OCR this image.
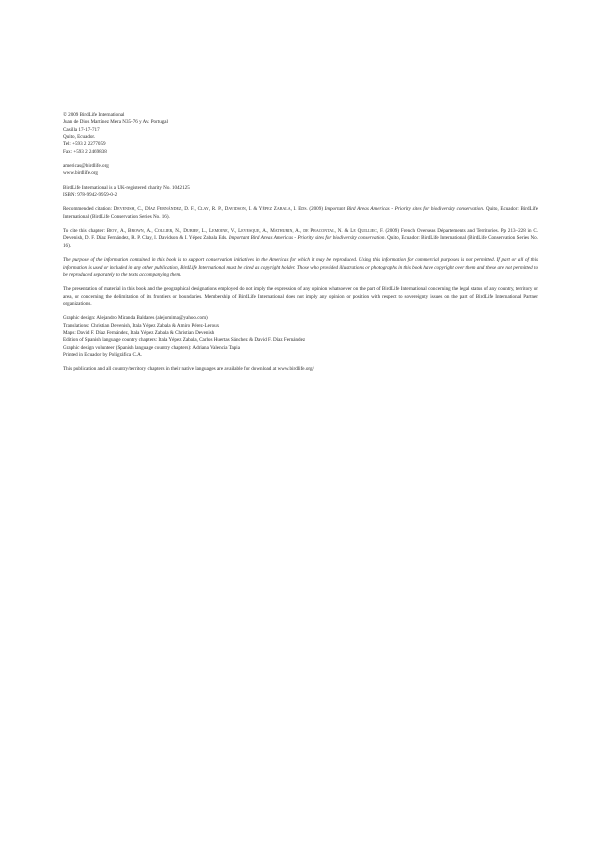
© 2009 BirdLife International
Juan de Dios Martínez Mera N35-76 y Av. Portugal
Casilla 17-17-717
Quito, Ecuador.
Tel: +593 2 2277059
Fax: +593 2 2469838
americas@birdlife.org
www.birdlife.org
BirdLife International is a UK-registered charity No. 1042125
ISBN: 978-9942-9959-0-2
Recommended citation: Devenish, C., Díaz Fernández, D. F., Clay, R. P., Davidson, I. & Yépez Zabala, I. Eds. (2009) Important Bird Areas Americas - Priority sites for biodiversity conservation. Quito, Ecuador: BirdLife International (BirdLife Conservation Series No. 16).
To cite this chapter: Bioy, A., Brown, A., Collier, N., Dubief, L., Lemoine, V., Levesque, A., Mathurin, A., de Pracontal, N. & Le Quilliec, F. (2009) French Overseas Départements and Territories. Pp 213–228 in C. Devenish, D. F. Díaz Fernández, R. P. Clay, I. Davidson & I. Yépez Zabala Eds. Important Bird Areas Americas - Priority sites for biodiversity conservation. Quito, Ecuador: BirdLife International (BirdLife Conservation Series No. 16).
The purpose of the information contained in this book is to support conservation initiatives in the Americas for which it may be reproduced. Using this information for commercial purposes is not permitted. If part or all of this information is used or included in any other publication, BirdLife International must be cited as copyright holder. Those who provided illustrations or photographs in this book have copyright over them and these are not permitted to be reproduced separately to the texts accompanying them.
The presentation of material in this book and the geographical designations employed do not imply the expression of any opinion whatsoever on the part of BirdLife International concerning the legal status of any country, territory or area, or concerning the delimitation of its frontiers or boundaries. Membership of BirdLife International does not imply any opinion or position with respect to sovereignty issues on the part of BirdLife International Partner organizations.
Graphic design: Alejandro Miranda Baldares (alejomima@yahoo.com)
Translations: Christian Devenish, Itala Yépez Zabala & Amiro Pérez-Leroux
Maps: David F. Díaz Fernández, Itala Yépez Zabala & Christian Devenish
Edition of Spanish language country chapters: Itala Yépez Zabala, Carlos Huertas Sánchez & David F. Díaz Fernández
Graphic design volunteer (Spanish language country chapters): Adriana Valencia Tapia
Printed in Ecuador by Poligráfica C.A.
This publication and all country/territory chapters in their native languages are available for download at www.birdlife.org/
